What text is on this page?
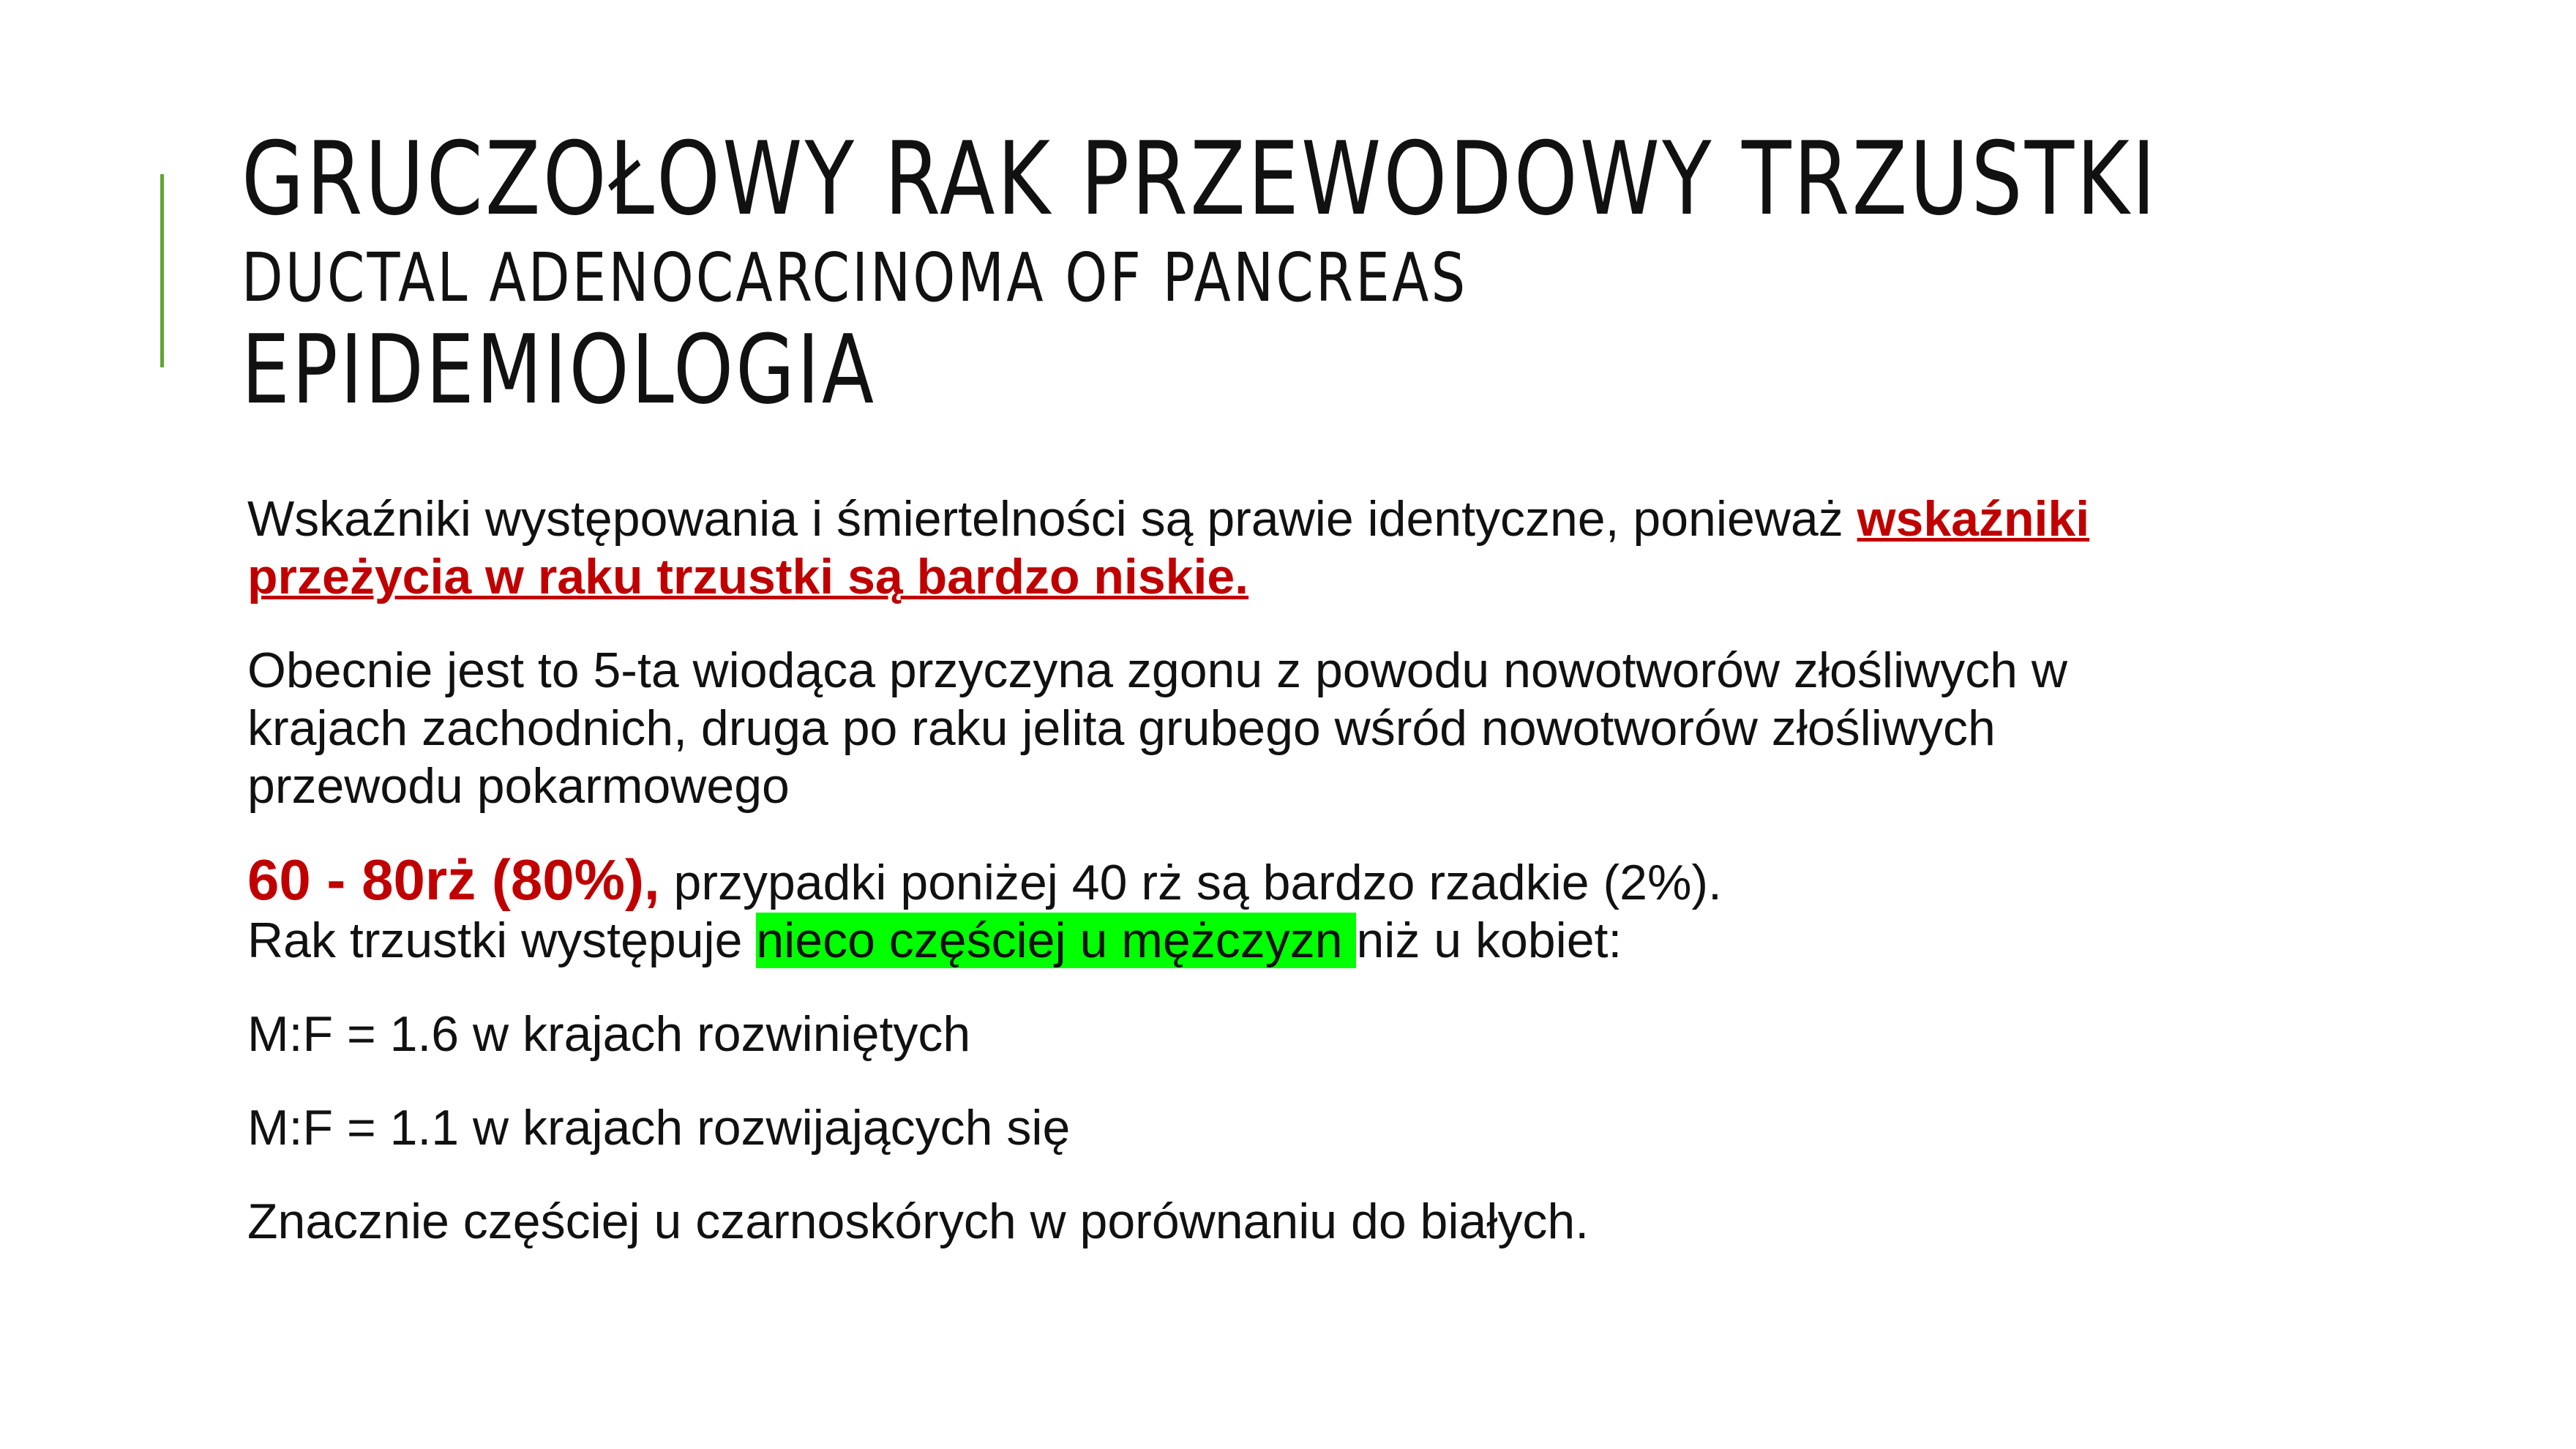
GRUCZOŁOWY RAK PRZEWODOWY TRZUSTKI
DUCTAL ADENOCARCINOMA OF PANCREAS
EPIDEMIOLOGIA

Wskaźniki występowania i śmiertelności są prawie identyczne, ponieważ wskaźniki
przeżycia w raku trzustki są bardzo niskie.

Obecnie jest to 5-ta wiodąca przyczyna zgonu z powodu nowotworów złośliwych w
krajach zachodnich, druga po raku jelita grubego wśród nowotworów złośliwych
przewodu pokarmowego

60 - 80rż (80%), przypadki poniżej 40 rż są bardzo rzadkie (2%).
Rak trzustki występuje nieco częściej u mężczyzn niż u kobiet:

M:F = 1.6 w krajach rozwiniętych

M:F = 1.1 w krajach rozwijających się

Znacznie częściej u czarnoskórych w porównaniu do białych.
